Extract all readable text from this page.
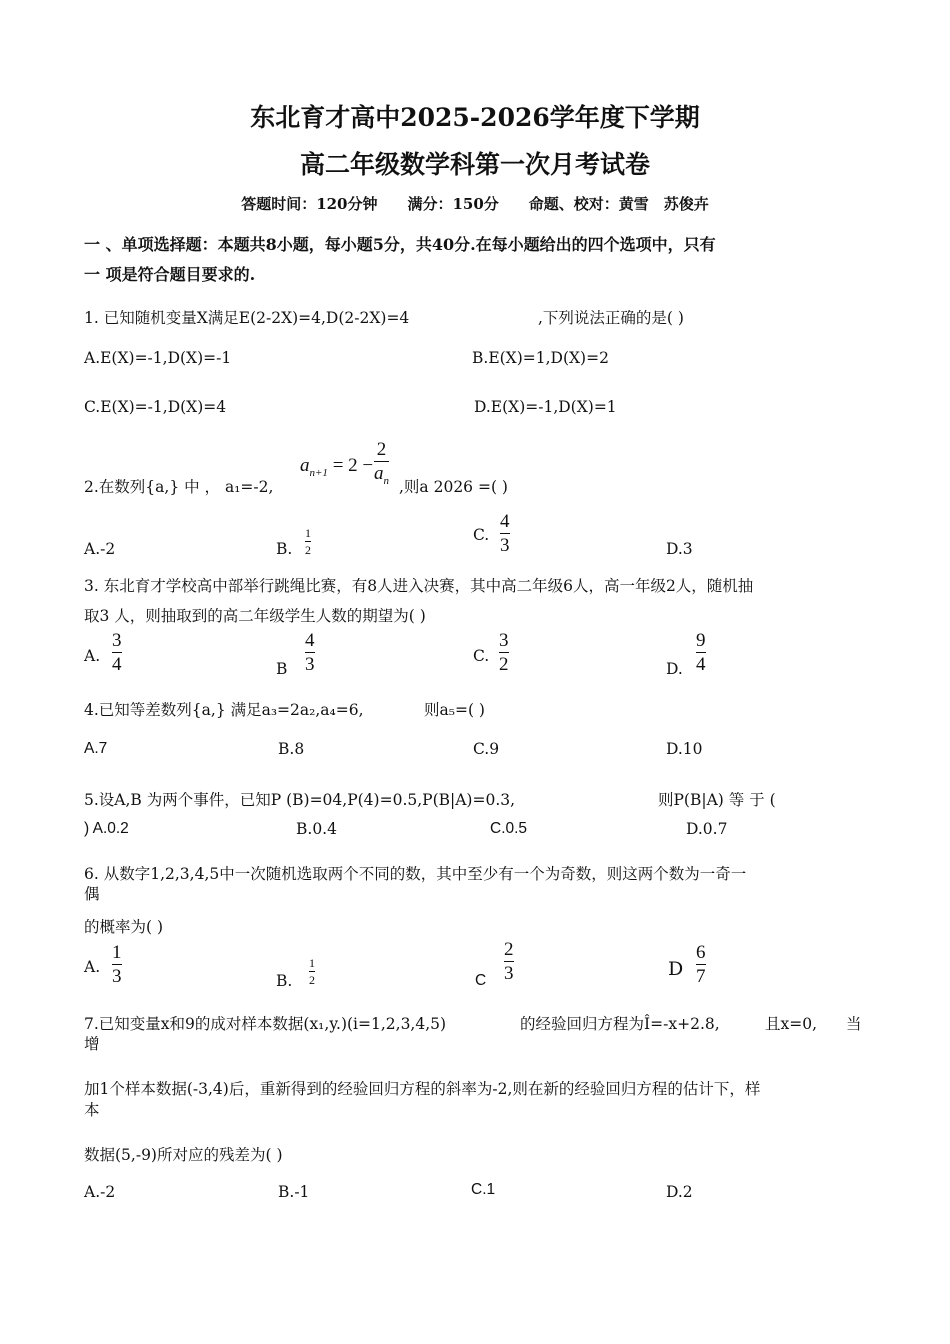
东北育才高中2025-2026学年度下学期
高二年级数学科第一次月考试卷
答题时间：120分钟　　满分：150分　　命题、校对：黄雪　苏俊卉
一 、单项选择题：本题共8小题，每小题5分，共40分.在每小题给出的四个选项中，只有
一 项是符合题目要求的.
1. 已知随机变量X满足E(2-2X)=4,D(2-2X)=4	,下列说法正确的是( )
A.E(X)=-1,D(X)=-1	B.E(X)=1,D(X)=2
C.E(X)=-1,D(X)=4	D.E(X)=-1,D(X)=1
2.在数列{a,} 中 ， a₁=-2,
$a_{n+1} = 2$ −
2
$a_n$ ,则a 2026 =( )
A.-2	B.
1
2
C.
4
3	D.3
3. 东北育才学校高中部举行跳绳比赛，有8人进入决赛，其中高二年级6人，高一年级2人，随机抽
取3 人，则抽取到的高二年级学生人数的期望为( )
A.
3
4	B
4
3	C.
3
2	D.
9
4
4.已知等差数列{a,} 满足a₃=2a₂,a₄=6,	则a₅=( )
A.7	B.8	C.9	D.10
5.设A,B 为两个事件，已知P (B)=04,P(4)=0.5,P(B|A)=0.3,	则P(B|A) 等 于 (
) A.0.2	B.0.4	C.0.5	D.0.7
6. 从数字1,2,3,4,5中一次随机选取两个不同的数，其中至少有一个为奇数，则这两个数为一奇一
偶
的概率为( )
A.
1
3	B.
1
2	C
2
3	D
6
7
7.已知变量x和9的成对样本数据(x₁,y.)(i=1,2,3,4,5)	的经验回归方程为Î=-x+2.8,	且x=0, 当
增
加1个样本数据(-3,4)后，重新得到的经验回归方程的斜率为-2,则在新的经验回归方程的估计下，样
本
数据(5,-9)所对应的残差为( )
A.-2	B.-1	C.1	D.2
